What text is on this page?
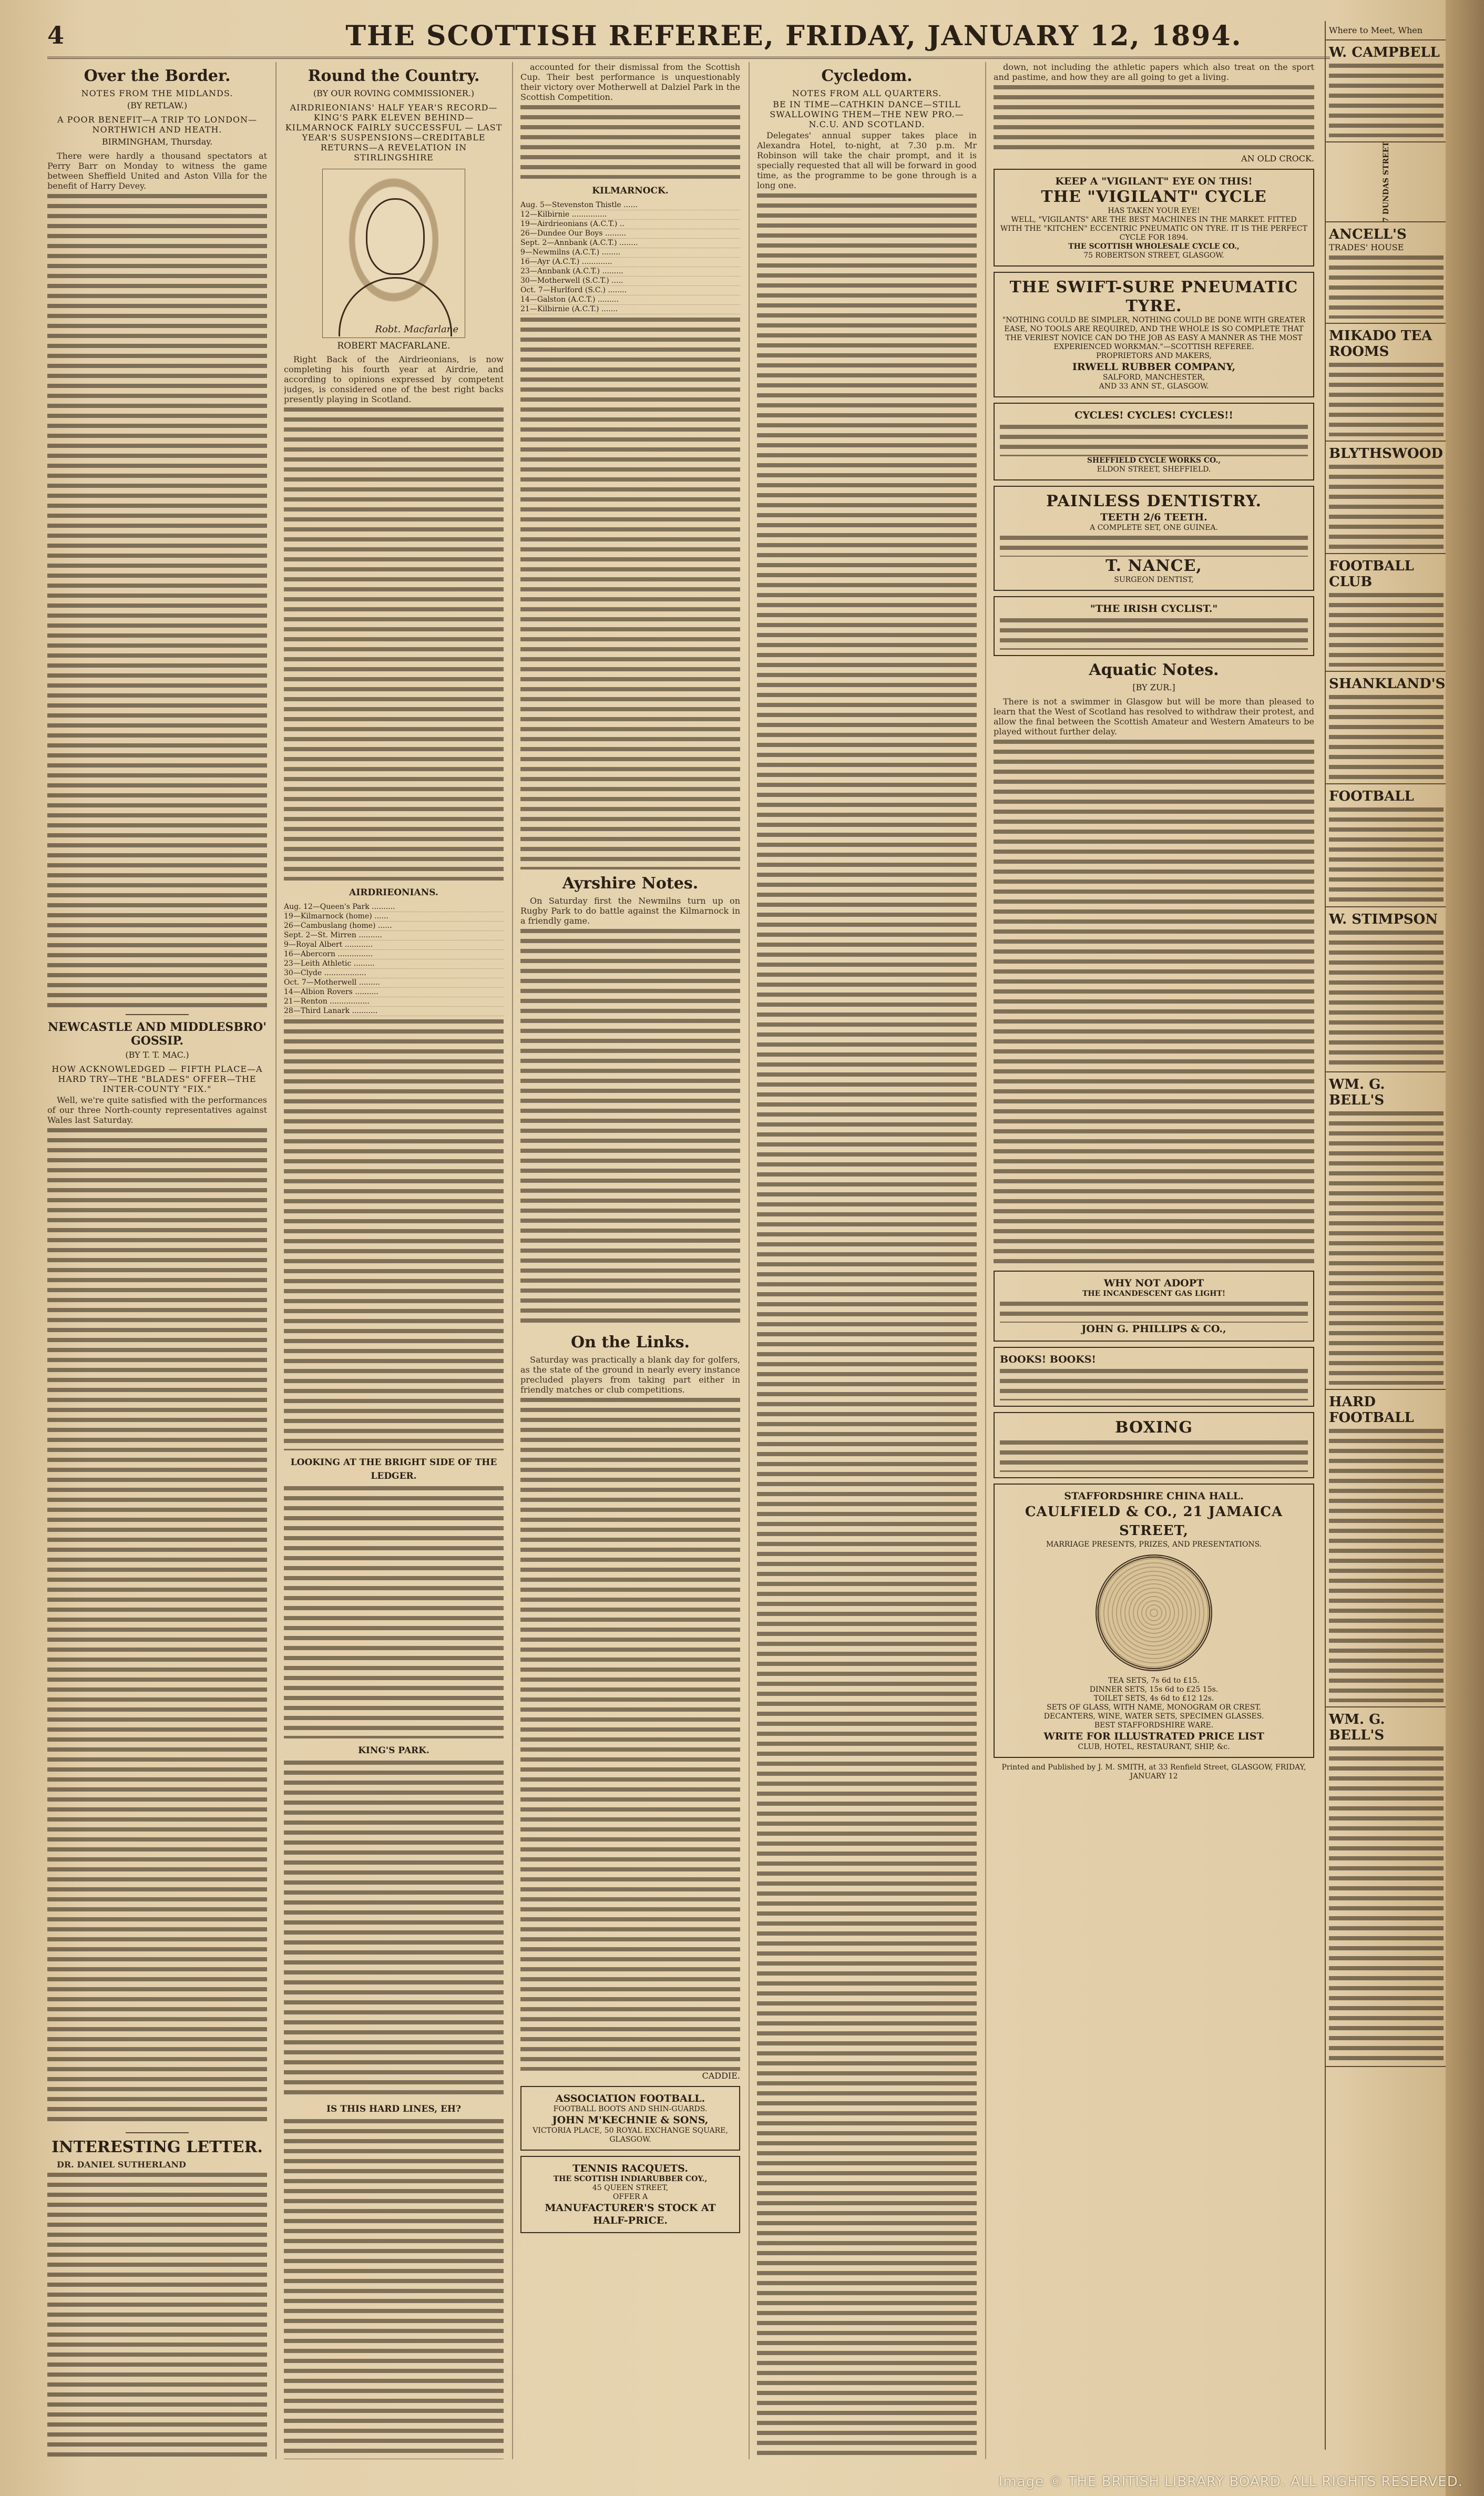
4	THE SCOTTISH REFEREE, FRIDAY, JANUARY 12, 1894.
Over the Border.
NOTES FROM THE MIDLANDS.
(BY RETLAW.)
A POOR BENEFIT—A TRIP TO LONDON—NORTHWICH AND HEATH.
BIRMINGHAM, Thursday.

There were hardly a thousand spectators at Perry Barr on Monday to witness the game between Sheffield United and Aston Villa for the benefit of Harry Devey.

NEWCASTLE AND MIDDLESBRO' GOSSIP.
(BY T. T. MAC.)
HOW ACKNOWLEDGED — FIFTH PLACE—A HARD TRY—THE "BLADES" OFFER—THE INTER-COUNTY "FIX."

Well, we're quite satisfied with the performances of our three North-county representatives against Wales last Saturday.

INTERESTING LETTER.

DR. DANIEL SUTHERLAND

Round the Country.
(BY OUR ROVING COMMISSIONER.)
AIRDRIEONIANS' HALF YEAR'S RECORD—KING'S PARK ELEVEN BEHIND—KILMARNOCK FAIRLY SUCCESSFUL — LAST YEAR'S SUSPENSIONS—CREDITABLE RETURNS—A REVELATION IN STIRLINGSHIRE
Robt. Macfarlane
ROBERT MACFARLANE.

Right Back of the Airdrieonians, is now completing his fourth year at Airdrie, and according to opinions expressed by competent judges, is considered one of the best right backs presently playing in Scotland.

AIRDRIEONIANS.
Aug. 12—Queen's Park ..........
19—Kilmarnock (home) ......
26—Cambuslang (home) ......
Sept. 2—St. Mirren ..........
9—Royal Albert ............
16—Abercorn ...............
23—Leith Athletic .........
30—Clyde ..................
Oct. 7—Motherwell .........
14—Albion Rovers ..........
21—Renton .................
28—Third Lanark ...........
LOOKING AT THE BRIGHT SIDE OF THE LEDGER.
KING'S PARK.
IS THIS HARD LINES, EH?

accounted for their dismissal from the Scottish Cup. Their best performance is unquestionably their victory over Motherwell at Dalziel Park in the Scottish Competition.

KILMARNOCK.
Aug. 5—Stevenston Thistle ......
12—Kilbirnie ...............
19—Airdrieonians (A.C.T.) ..
26—Dundee Our Boys .........
Sept. 2—Annbank (A.C.T.) ........
9—Newmilns (A.C.T.) ........
16—Ayr (A.C.T.) .............
23—Annbank (A.C.T.) .........
30—Motherwell (S.C.T.) .....
Oct. 7—Hurlford (S.C.) ........
14—Galston (A.C.T.) .........
21—Kilbirnie (A.C.T.) .......
Ayrshire Notes.

On Saturday first the Newmilns turn up on Rugby Park to do battle against the Kilmarnock in a friendly game.

On the Links.

Saturday was practically a blank day for golfers, as the state of the ground in nearly every instance precluded players from taking part either in friendly matches or club competitions.

CADDIE.
ASSOCIATION FOOTBALL.
FOOTBALL BOOTS AND SHIN-GUARDS.
JOHN M'KECHNIE & SONS,
VICTORIA PLACE, 50 ROYAL EXCHANGE SQUARE, GLASGOW.
TENNIS RACQUETS.
THE SCOTTISH INDIARUBBER COY.,
45 QUEEN STREET,
OFFER A
MANUFACTURER'S STOCK AT HALF-PRICE.
Cycledom.
NOTES FROM ALL QUARTERS.
BE IN TIME—CATHKIN DANCE—STILL SWALLOWING THEM—THE NEW PRO.—N.C.U. AND SCOTLAND.

Delegates' annual supper takes place in Alexandra Hotel, to-night, at 7.30 p.m. Mr Robinson will take the chair prompt, and it is specially requested that all will be forward in good time, as the programme to be gone through is a long one.

down, not including the athletic papers which also treat on the sport and pastime, and how they are all going to get a living.

AN OLD CROCK.
KEEP A "VIGILANT" EYE ON THIS!
THE "VIGILANT" CYCLE
HAS TAKEN YOUR EYE!
WELL, "VIGILANTS" ARE THE BEST MACHINES IN THE MARKET. FITTED WITH THE "KITCHEN" ECCENTRIC PNEUMATIC ON TYRE. IT IS THE PERFECT CYCLE FOR 1894.
THE SCOTTISH WHOLESALE CYCLE CO.,
75 ROBERTSON STREET, GLASGOW.
THE SWIFT-SURE PNEUMATIC TYRE.
"NOTHING COULD BE SIMPLER, NOTHING COULD BE DONE WITH GREATER EASE, NO TOOLS ARE REQUIRED, AND THE WHOLE IS SO COMPLETE THAT THE VERIEST NOVICE CAN DO THE JOB AS EASY A MANNER AS THE MOST EXPERIENCED WORKMAN."—SCOTTISH REFEREE.
PROPRIETORS AND MAKERS,
IRWELL RUBBER COMPANY,
SALFORD, MANCHESTER,
AND 33 ANN ST., GLASGOW.
CYCLES! CYCLES! CYCLES!!
SHEFFIELD CYCLE WORKS CO.,
ELDON STREET, SHEFFIELD.
PAINLESS DENTISTRY.
TEETH 2/6 TEETH.
A COMPLETE SET, ONE GUINEA.
T. NANCE,
SURGEON DENTIST,
"THE IRISH CYCLIST."
Aquatic Notes.
[BY ZUR.]

There is not a swimmer in Glasgow but will be more than pleased to learn that the West of Scotland has resolved to withdraw their protest, and allow the final between the Scottish Amateur and Western Amateurs to be played without further delay.

WHY NOT ADOPT
THE INCANDESCENT GAS LIGHT!
JOHN G. PHILLIPS & CO.,
BOOKS! BOOKS!
BOXING
STAFFORDSHIRE CHINA HALL.
CAULFIELD & CO., 21 JAMAICA STREET,
MARRIAGE PRESENTS, PRIZES, AND PRESENTATIONS.
TEA SETS, 7s 6d to £15.
DINNER SETS, 15s 6d to £25 15s.
TOILET SETS, 4s 6d to £12 12s.
SETS OF GLASS, WITH NAME, MONOGRAM OR CREST.
DECANTERS, WINE, WATER SETS, SPECIMEN GLASSES.
BEST STAFFORDSHIRE WARE.
WRITE FOR ILLUSTRATED PRICE LIST
CLUB, HOTEL, RESTAURANT, SHIP, &c.
Printed and Published by J. M. SMITH, at 33 Renfield Street, GLASGOW, FRIDAY, JANUARY 12
Where to Meet, When
W. CAMPBELL
7 DUNDAS STREET
ANCELL'S
TRADES' HOUSE
MIKADO TEA ROOMS
BLYTHSWOOD
FOOTBALL CLUB
SHANKLAND'S
FOOTBALL
W. STIMPSON
WM. G. BELL'S
HARD FOOTBALL
WM. G. BELL'S
Image © THE BRITISH LIBRARY BOARD. ALL RIGHTS RESERVED.
